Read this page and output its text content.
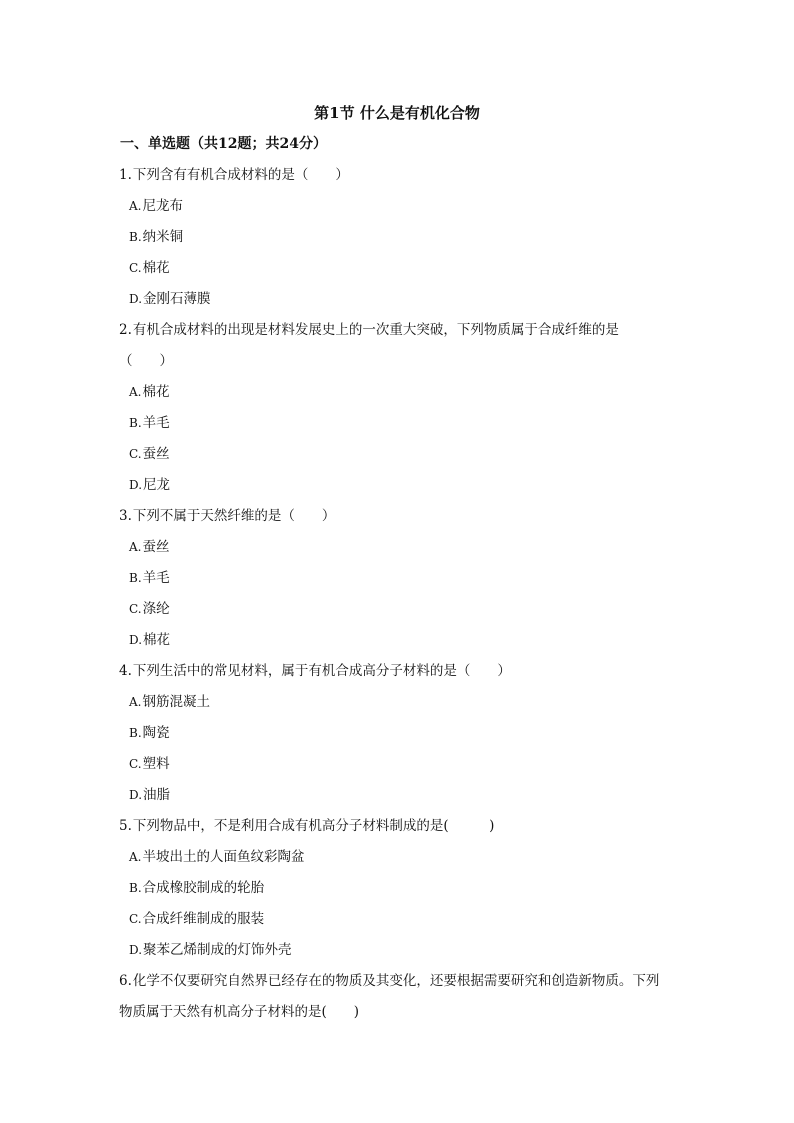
第1节 什么是有机化合物
一、单选题（共12题；共24分）
1.下列含有有机合成材料的是（　　）
A.尼龙布
B.纳米铜
C.棉花
D.金刚石薄膜
2.有机合成材料的出现是材料发展史上的一次重大突破，下列物质属于合成纤维的是
（　　）
A.棉花
B.羊毛
C.蚕丝
D.尼龙
3.下列不属于天然纤维的是（　　）
A.蚕丝
B.羊毛
C.涤纶
D.棉花
4.下列生活中的常见材料，属于有机合成高分子材料的是（　　）
A.钢筋混凝土
B.陶瓷
C.塑料
D.油脂
5.下列物品中，不是利用合成有机高分子材料制成的是(　　　)
A.半坡出土的人面鱼纹彩陶盆
B.合成橡胶制成的轮胎
C.合成纤维制成的服装
D.聚苯乙烯制成的灯饰外壳
6.化学不仅要研究自然界已经存在的物质及其变化，还要根据需要研究和创造新物质。下列
物质属于天然有机高分子材料的是(　　)
